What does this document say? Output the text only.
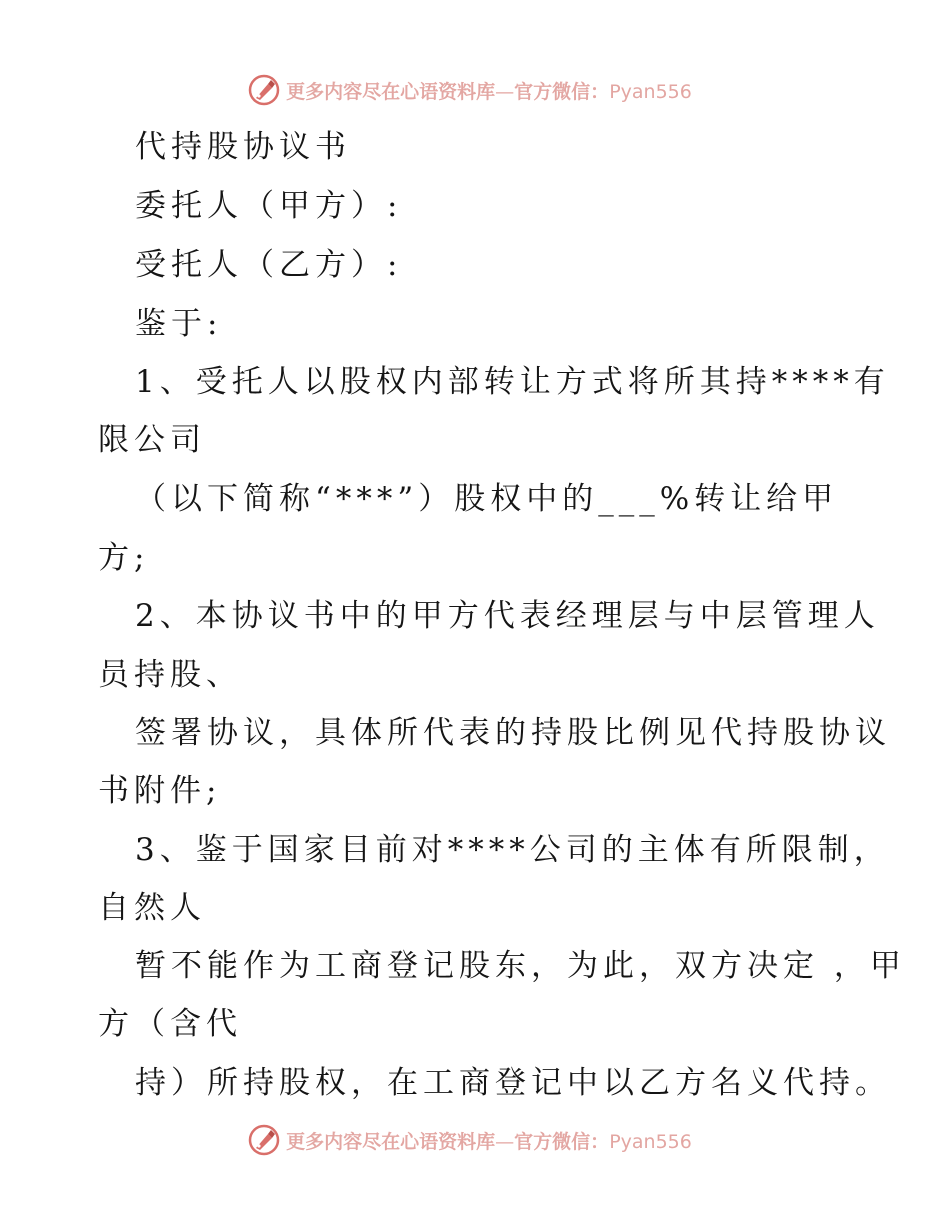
更多内容尽在心语资料库—官方微信：Pyan556
代持股协议书
委托人（甲方）:
受托人（乙方）:
鉴于:
1、受托人以股权内部转让方式将所其持****有
限公司
（以下简称“***”）股权中的___%转让给甲
方;
2、本协议书中的甲方代表经理层与中层管理人
员持股、
签署协议，具体所代表的持股比例见代持股协议
书附件;
3、鉴于国家目前对****公司的主体有所限制，
自然人
暂不能作为工商登记股东，为此，双方决定 ，甲
方（含代
持）所持股权，在工商登记中以乙方名义代持。
更多内容尽在心语资料库—官方微信：Pyan556
